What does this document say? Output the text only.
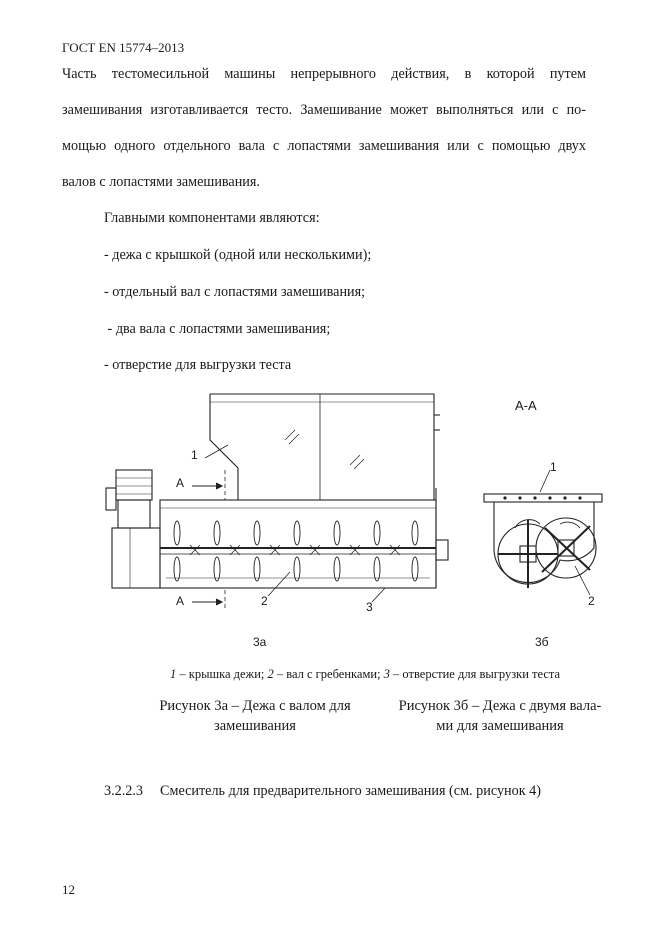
ГОСТ EN 15774–2013
Часть тестомесильной машины непрерывного действия, в которой путем
замешивания изготавливается тесто. Замешивание может выполняться или с по-
мощью одного отдельного вала с лопастями замешивания или с помощью двух
валов с лопастями замешивания.
Главными компонентами являются:
- дежа с крышкой (одной или несколькими);
- отдельный вал с лопастями замешивания;
- два вала с лопастями замешивания;
- отверстие для выгрузки теста
А-А
А
А
1
2	3
1
2
3а	3б
1 – крышка дежи; 2 – вал с гребенками; 3 – отверстие для выгрузки теста
Рисунок 3а – Дежа с валом для
замешивания
Рисунок 3б – Дежа с двумя вала-
ми для замешивания
3.2.2.3 Смеситель для предварительного замешивания (см. рисунок 4)
12
